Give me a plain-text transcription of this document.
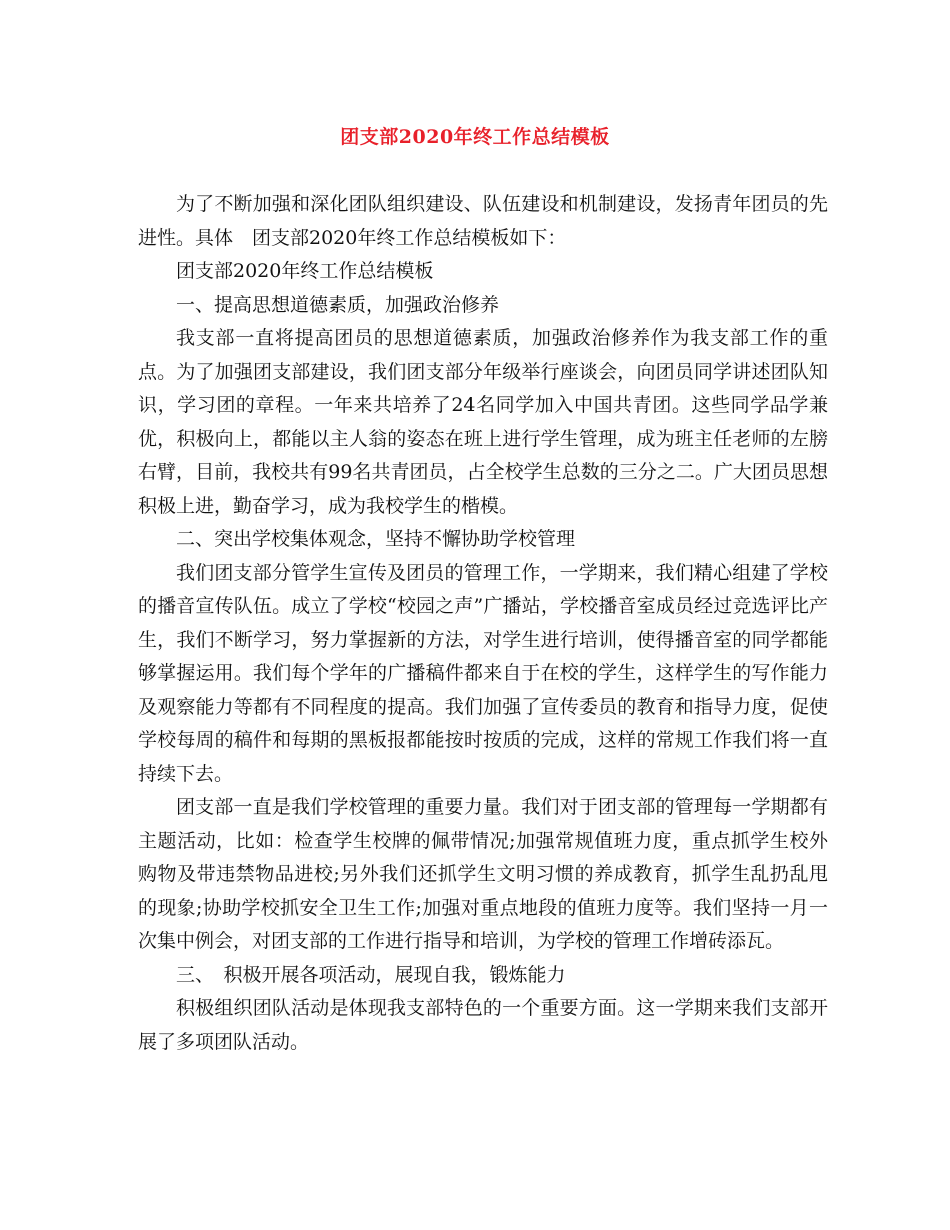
团支部2020年终工作总结模板

为了不断加强和深化团队组织建设、队伍建设和机制建设，发扬青年团员的先进性。具体　团支部2020年终工作总结模板如下：

团支部2020年终工作总结模板

一、提高思想道德素质，加强政治修养

我支部一直将提高团员的思想道德素质，加强政治修养作为我支部工作的重点。为了加强团支部建设，我们团支部分年级举行座谈会，向团员同学讲述团队知识，学习团的章程。一年来共培养了24名同学加入中国共青团。这些同学品学兼优，积极向上，都能以主人翁的姿态在班上进行学生管理，成为班主任老师的左膀右臂，目前，我校共有99名共青团员，占全校学生总数的三分之二。广大团员思想积极上进，勤奋学习，成为我校学生的楷模。

二、突出学校集体观念，坚持不懈协助学校管理

我们团支部分管学生宣传及团员的管理工作，一学期来，我们精心组建了学校的播音宣传队伍。成立了学校“校园之声”广播站，学校播音室成员经过竞选评比产生，我们不断学习，努力掌握新的方法，对学生进行培训，使得播音室的同学都能够掌握运用。我们每个学年的广播稿件都来自于在校的学生，这样学生的写作能力及观察能力等都有不同程度的提高。我们加强了宣传委员的教育和指导力度，促使学校每周的稿件和每期的黑板报都能按时按质的完成，这样的常规工作我们将一直持续下去。

团支部一直是我们学校管理的重要力量。我们对于团支部的管理每一学期都有主题活动，比如：检查学生校牌的佩带情况;加强常规值班力度，重点抓学生校外购物及带违禁物品进校;另外我们还抓学生文明习惯的养成教育，抓学生乱扔乱甩的现象;协助学校抓安全卫生工作;加强对重点地段的值班力度等。我们坚持一月一次集中例会，对团支部的工作进行指导和培训，为学校的管理工作增砖添瓦。

三、　积极开展各项活动，展现自我，锻炼能力

积极组织团队活动是体现我支部特色的一个重要方面。这一学期来我们支部开展了多项团队活动。
